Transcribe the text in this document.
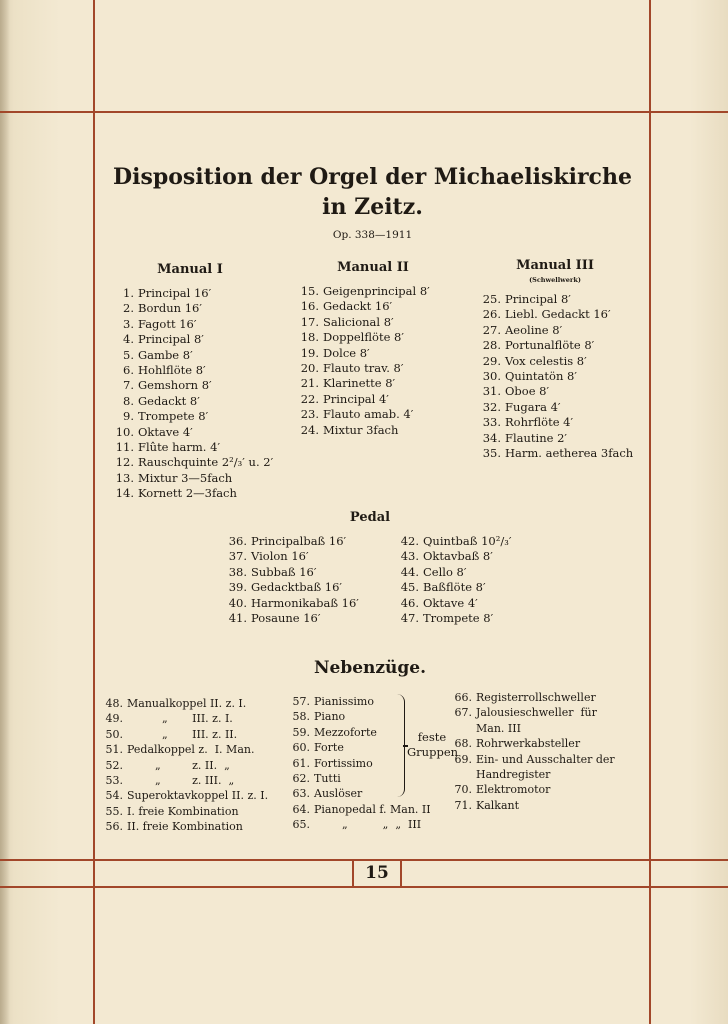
Disposition der Orgel der Michaeliskirche
in Zeitz.
Op. 338—1911
Manual I
1. Principal 16′
2. Bordun 16′
3. Fagott 16′
4. Principal 8′
5. Gambe 8′
6. Hohlflöte 8′
7. Gemshorn 8′
8. Gedackt 8′
9. Trompete 8′
10. Oktave 4′
11. Flûte harm. 4′
12. Rauschquinte 2²/₃′ u. 2′
13. Mixtur 3—5fach
14. Kornett 2—3fach
Manual II
15. Geigenprincipal 8′
16. Gedackt 16′
17. Salicional 8′
18. Doppelflöte 8′
19. Dolce 8′
20. Flauto trav. 8′
21. Klarinette 8′
22. Principal 4′
23. Flauto amab. 4′
24. Mixtur 3fach
Manual III
(Schwellwerk)
25. Principal 8′
26. Liebl. Gedackt 16′
27. Aeoline 8′
28. Portunalflöte 8′
29. Vox celestis 8′
30. Quintatön 8′
31. Oboe 8′
32. Fugara 4′
33. Rohrflöte 4′
34. Flautine 2′
35. Harm. aetherea 3fach
Pedal
36. Principalbaß 16′
37. Violon 16′
38. Subbaß 16′
39. Gedacktbaß 16′
40. Harmonikabaß 16′
41. Posaune 16′
42. Quintbaß 10²/₃′
43. Oktavbaß 8′
44. Cello 8′
45. Baßflöte 8′
46. Oktave 4′
47. Trompete 8′
Nebenzüge.
48. Manualkoppel II. z. I.
49.          „       III. z. I.
50.          „       III. z. II.
51. Pedalkoppel z.  I. Man.
52.        „         z. II.  „
53.        „         z. III.  „
54. Superoktavkoppel II. z. I.
55. I. freie Kombination
56. II. freie Kombination
57. Pianissimo
58. Piano
59. Mezzoforte
60. Forte
61. Fortissimo
62. Tutti
63. Auslöser
64. Pianopedal f. Man. II
65.        „          „  „  III
feste
Gruppen
66. Registerrollschweller
67. Jalousieschweller  für
Man. III
68. Rohrwerkabsteller
69. Ein- und Ausschalter der
Handregister
70. Elektromotor
71. Kalkant
15
